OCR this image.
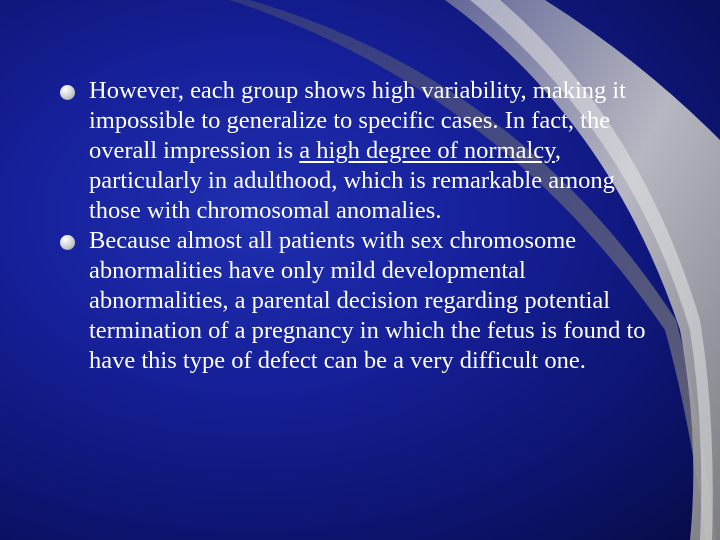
However, each group shows high variability, making it impossible to generalize to specific cases. In fact, the overall impression is a high degree of normalcy, particularly in adulthood, which is remarkable among those with chromosomal anomalies.

Because almost all patients with sex chromosome abnormalities have only mild developmental abnormalities, a parental decision regarding potential termination of a pregnancy in which the fetus is found to have this type of defect can be a very difficult one.
